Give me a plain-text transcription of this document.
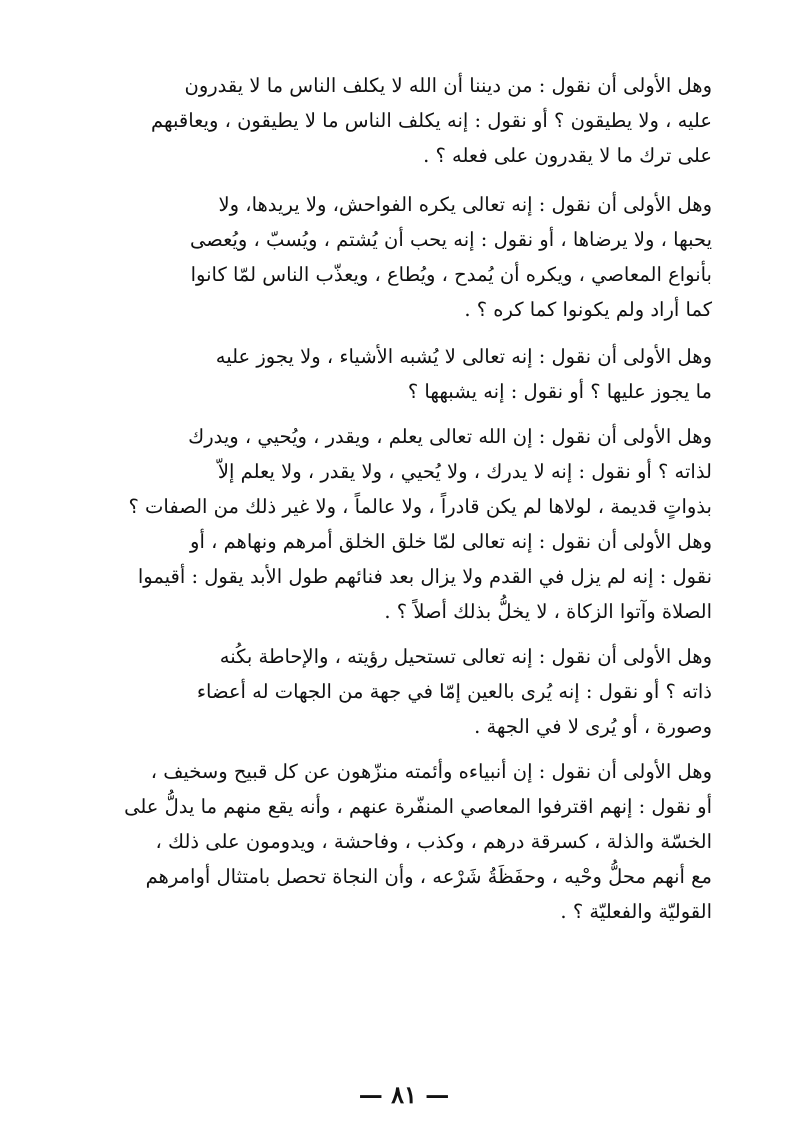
وهل الأولى أن نقول : من ديننا أن الله لا يكلف الناس ما لا يقدرون
عليه ، ولا يطيقون ؟ أو نقول : إنه يكلف الناس ما لا يطيقون ، ويعاقبهم
على ترك ما لا يقدرون على فعله ؟ .

وهل الأولى أن نقول : إنه تعالى يكره الفواحش، ولا يريدها، ولا
يحبها ، ولا يرضاها ، أو نقول : إنه يحب أن يُشتم ، ويُسبّ ، ويُعصى
بأنواع المعاصي ، ويكره أن يُمدح ، ويُطاع ، ويعذّب الناس لمّا كانوا
كما أراد ولم يكونوا كما كره ؟ .

وهل الأولى أن نقول : إنه تعالى لا يُشبه الأشياء ، ولا يجوز عليه
ما يجوز عليها ؟ أو نقول : إنه يشبهها ؟

وهل الأولى أن نقول : إن الله تعالى يعلم ، ويقدر ، ويُحيي ، ويدرك
لذاته ؟ أو نقول : إنه لا يدرك ، ولا يُحيي ، ولا يقدر ، ولا يعلم إلاّ
بذواتٍ قديمة ، لولاها لم يكن قادراً ، ولا عالماً ، ولا غير ذلك من الصفات ؟

وهل الأولى أن نقول : إنه تعالى لمّا خلق الخلق أمرهم ونهاهم ، أو
نقول : إنه لم يزل في القدم ولا يزال بعد فنائهم طول الأبد يقول : أقيموا
الصلاة وآتوا الزكاة ، لا يخلُّ بذلك أصلاً ؟ .

وهل الأولى أن نقول : إنه تعالى تستحيل رؤيته ، والإحاطة بكُنه
ذاته ؟ أو نقول : إنه يُرى بالعين إمّا في جهة من الجهات له أعضاء
وصورة ، أو يُرى لا في الجهة .

وهل الأولى أن نقول : إن أنبياءه وأئمته منزّهون عن كل قبيح وسخيف ،
أو نقول : إنهم اقترفوا المعاصي المنفّرة عنهم ، وأنه يقع منهم ما يدلُّ على
الخسّة والذلة ، كسرقة درهم ، وكذب ، وفاحشة ، ويدومون على ذلك ،
مع أنهم محلُّ وحْيه ، وحفَظَةُ شَرْعه ، وأن النجاة تحصل بامتثال أوامرهم
القوليّة والفعليّة ؟ .

— ٨١ —
